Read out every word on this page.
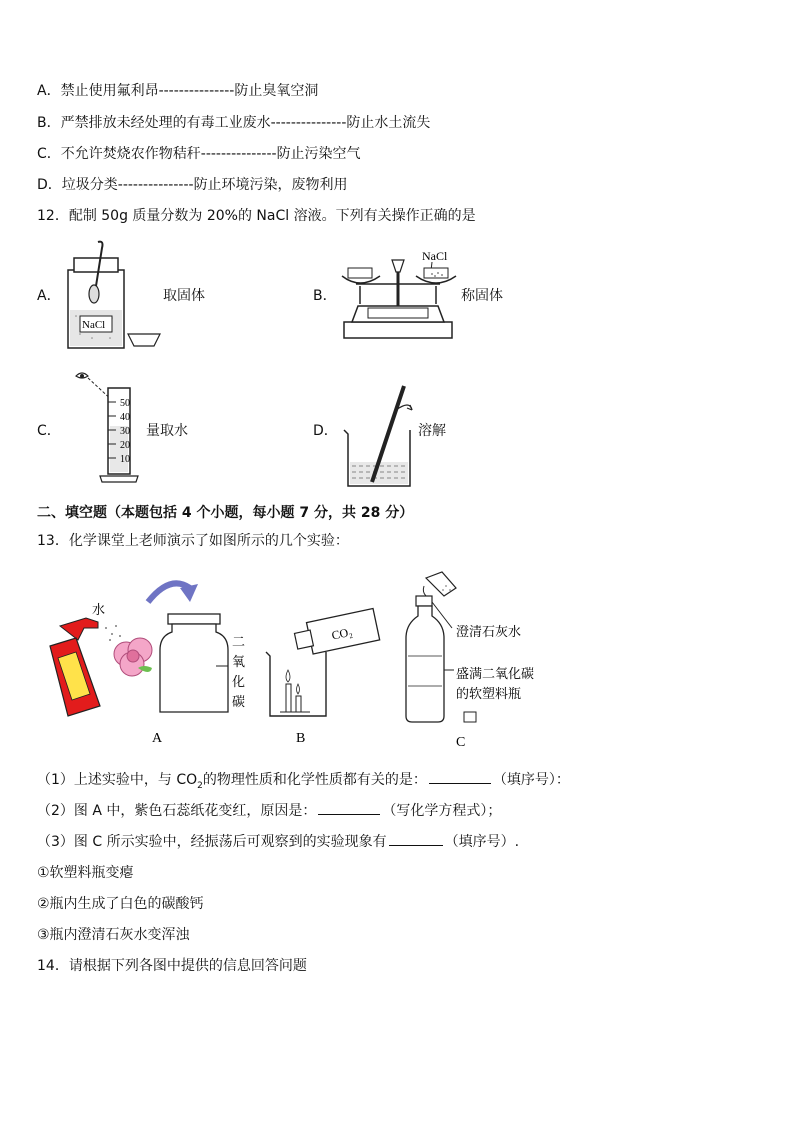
A．禁止使用氟利昂---------------防止臭氧空洞
B．严禁排放未经处理的有毒工业废水---------------防止水土流失
C．不允许焚烧农作物秸秆---------------防止污染空气
D．垃圾分类---------------防止环境污染，废物利用
12．配制 50g 质量分数为 20%的 NaCl 溶液。下列有关操作正确的是
A．
NaCl
取固体	B．
NaCl
称固体
C．
50
40
30
20
10
量取水	D．	溶解
二、填空题（本题包括 4 个小题，每小题 7 分，共 28 分）
13．化学课堂上老师演示了如图所示的几个实验：
水
A
二
氧
化
碳
CO₂
B
澄清石灰水
盛满二氧化碳
的软塑料瓶
C
（1）上述实验中，与 $CO_2$的物理性质和化学性质都有关的是：	（填序号）：
（2）图 A 中，紫色石蕊纸花变红，原因是：	（写化学方程式）；
（3）图 C 所示实验中，经振荡后可观察到的实验现象有	（填序号）.
①软塑料瓶变瘪
②瓶内生成了白色的碳酸钙
③瓶内澄清石灰水变浑浊
14．请根据下列各图中提供的信息回答问题
